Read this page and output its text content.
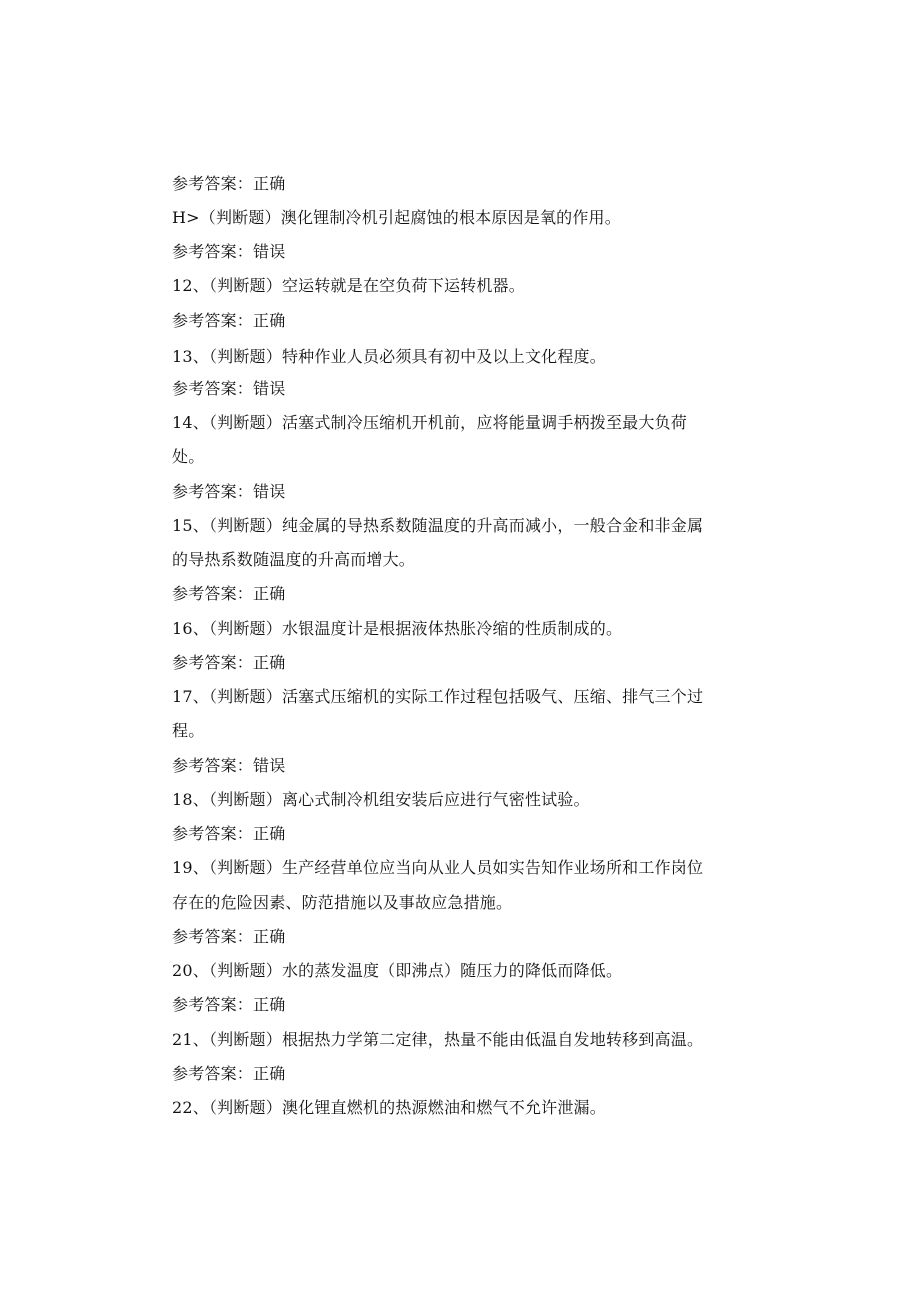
参考答案：正确
H>（判断题）澳化锂制冷机引起腐蚀的根本原因是氧的作用。
参考答案：错误
12、（判断题）空运转就是在空负荷下运转机器。
参考答案：正确
13、（判断题）特种作业人员必须具有初中及以上文化程度。
参考答案：错误
14、（判断题）活塞式制冷压缩机开机前，应将能量调手柄拨至最大负荷
处。
参考答案：错误
15、（判断题）纯金属的导热系数随温度的升高而减小，一般合金和非金属
的导热系数随温度的升高而增大。
参考答案：正确
16、（判断题）水银温度计是根据液体热胀冷缩的性质制成的。
参考答案：正确
17、（判断题）活塞式压缩机的实际工作过程包括吸气、压缩、排气三个过
程。
参考答案：错误
18、（判断题）离心式制冷机组安装后应进行气密性试验。
参考答案：正确
19、（判断题）生产经营单位应当向从业人员如实告知作业场所和工作岗位
存在的危险因素、防范措施以及事故应急措施。
参考答案：正确
20、（判断题）水的蒸发温度（即沸点）随压力的降低而降低。
参考答案：正确
21、（判断题）根据热力学第二定律，热量不能由低温自发地转移到高温。
参考答案：正确
22、（判断题）澳化锂直燃机的热源燃油和燃气不允许泄漏。
